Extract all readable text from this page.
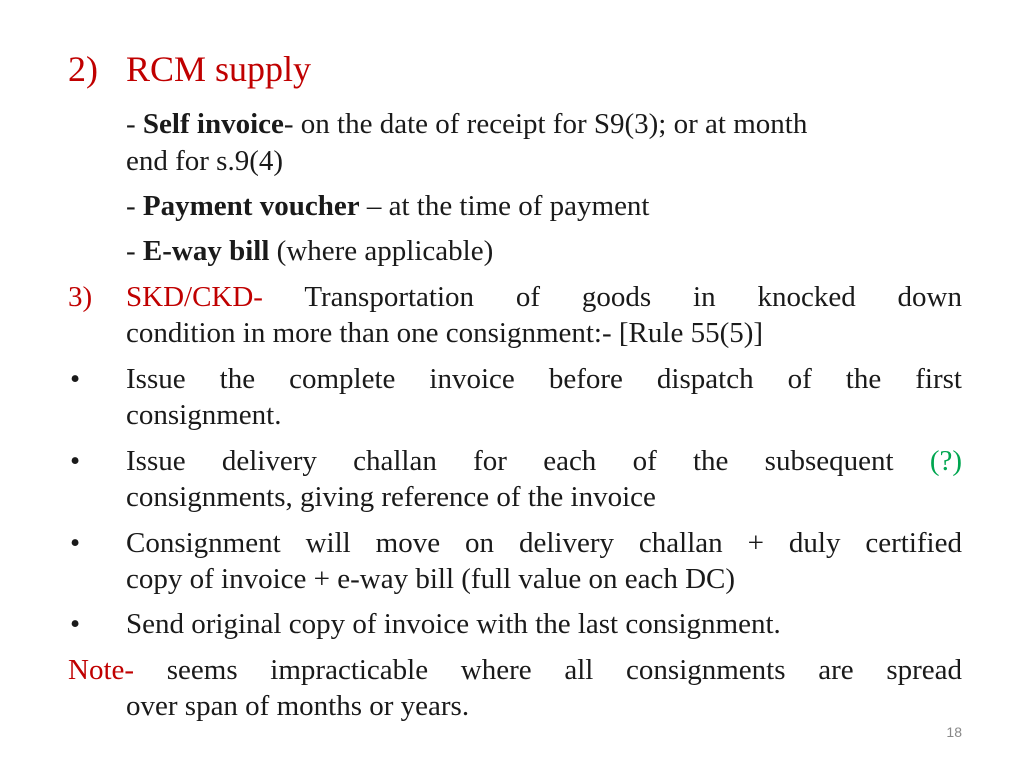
2) RCM supply
- Self invoice- on the date of receipt for S9(3); or at month
end for s.9(4)
- Payment voucher – at the time of payment
- E-way bill (where applicable)
3) SKD/CKD- Transportation of goods in knocked down
condition in more than one consignment:- [Rule 55(5)]
• Issue the complete invoice before dispatch of the first
consignment.
• Issue delivery challan for each of the subsequent (?)
consignments, giving reference of the invoice
• Consignment will move on delivery challan + duly certified
copy of invoice + e-way bill (full value on each DC)
• Send original copy of invoice with the last consignment.
Note- seems impracticable where all consignments are spread
over span of months or years.
18
